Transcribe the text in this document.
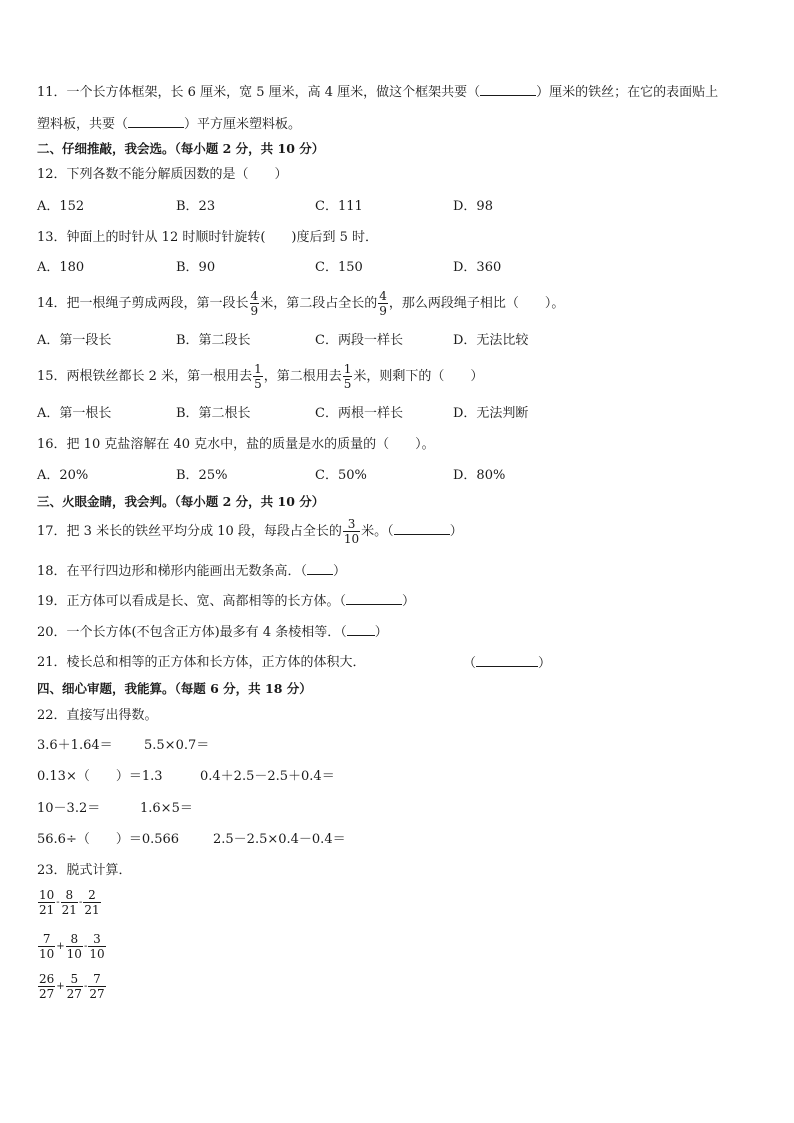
11．一个长方体框架，长 6 厘米，宽 5 厘米，高 4 厘米，做这个框架共要（	）厘米的铁丝；在它的表面贴上
塑料板，共要（	）平方厘米塑料板。
二、仔细推敲，我会选。（每小题 2 分，共 10 分）
12．下列各数不能分解质因数的是（　　）
A．152	B．23	C．111	D．98
13．钟面上的时针从 12 时顺时针旋转(　　)度后到 5 时．
A．180	B．90	C．150	D．360
14．把一根绳子剪成两段，第一段长 $\frac{4}{9}$ 米，第二段占全长的 $\frac{4}{9}$ ，那么两段绳子相比（　　）。
A．第一段长	B．第二段长	C．两段一样长	D．无法比较
15．两根铁丝都长 2 米，第一根用去 $\frac{1}{5}$ ，第二根用去 $\frac{1}{5}$ 米，则剩下的（　　）
A．第一根长	B．第二根长	C．两根一样长	D．无法判断
16．把 10 克盐溶解在 40 克水中，盐的质量是水的质量的（　　）。
A．20%	B．25%	C．50%	D．80%
三、火眼金睛，我会判。（每小题 2 分，共 10 分）
17．把 3 米长的铁丝平均分成 10 段，每段占全长的 $\frac{3}{10}$ 米。（	）
18．在平行四边形和梯形内能画出无数条高．（ ）
19．正方体可以看成是长、宽、高都相等的长方体。（	）
20．一个长方体(不包含正方体)最多有 4 条棱相等．（ ）
21．棱长总和相等的正方体和长方体，正方体的体积大．	（	）
四、细心审题，我能算。（每题 6 分，共 18 分）
22．直接写出得数。
3.6＋1.64＝ 5.5×0.7＝
0.13×（　　）＝1.3	0.4＋2.5－2.5＋0.4＝
10－3.2＝	1.6×5＝
56.6÷（　　）＝0.566	2.5－2.5×0.4－0.4＝
23．脱式计算．
$\frac{10}{21} - \frac{8}{21} - \frac{2}{21}$
$\frac{7}{10} + \frac{8}{10} - \frac{3}{10}$
$\frac{26}{27} + \frac{5}{27} - \frac{7}{27}$
